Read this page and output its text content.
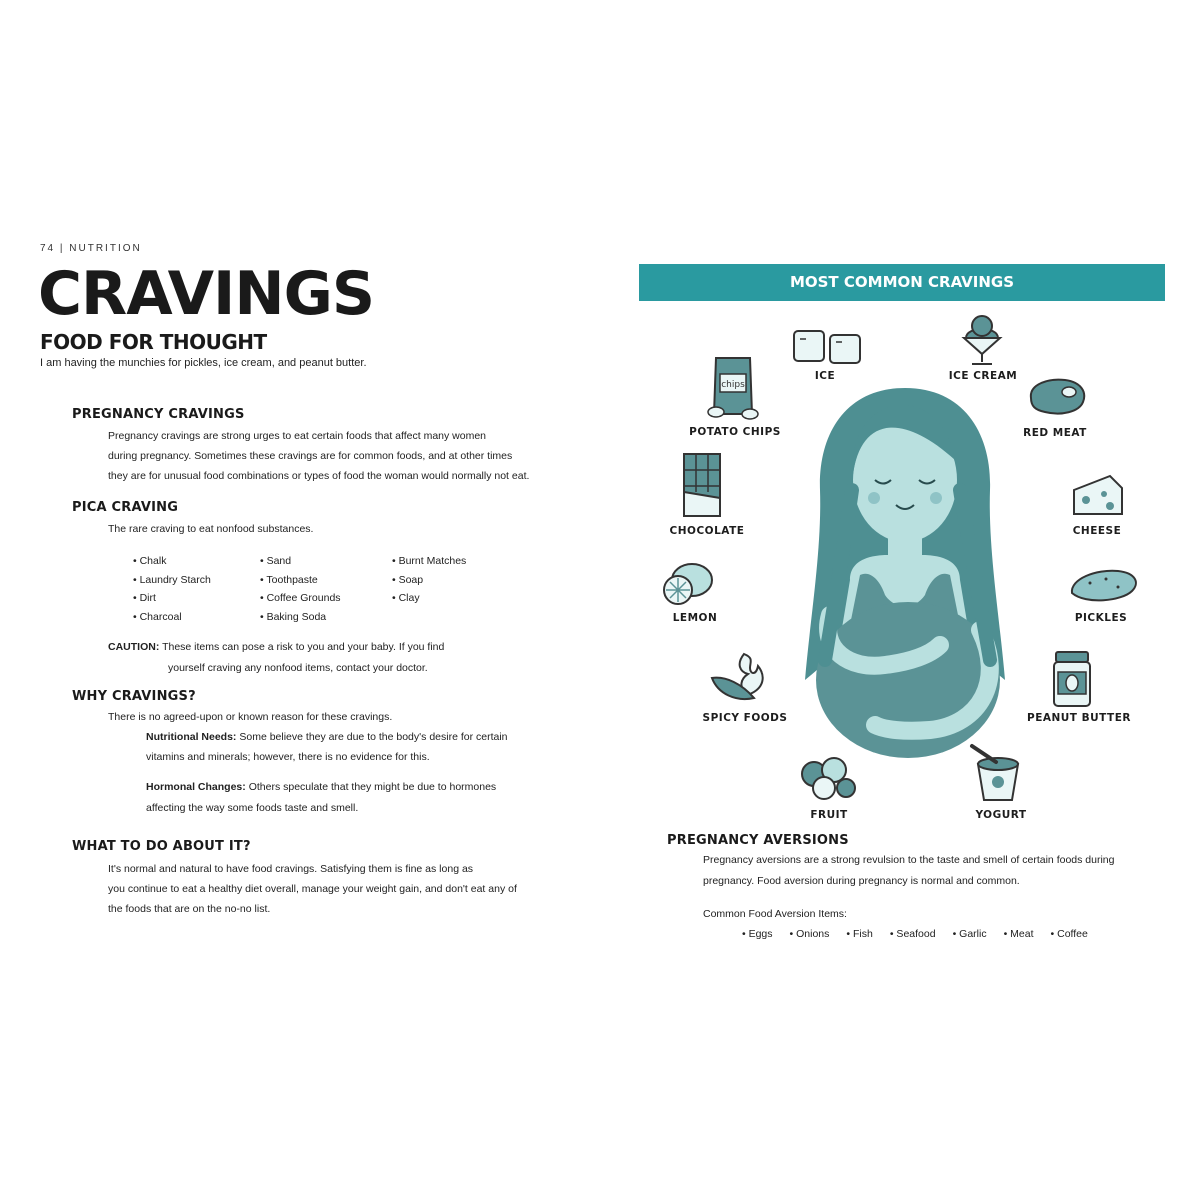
74 | NUTRITION
CRAVINGS
FOOD FOR THOUGHT
I am having the munchies for pickles, ice cream, and peanut butter.
PREGNANCY CRAVINGS
Pregnancy cravings are strong urges to eat certain foods that affect many women
during pregnancy. Sometimes these cravings are for common foods, and at other times
they are for unusual food combinations or types of food the woman would normally not eat.
PICA CRAVING
The rare craving to eat nonfood substances.
• Chalk
• Laundry Starch
• Dirt
• Charcoal
• Sand
• Toothpaste
• Coffee Grounds
• Baking Soda
• Burnt Matches
• Soap
• Clay
CAUTION: These items can pose a risk to you and your baby. If you find
yourself craving any nonfood items, contact your doctor.
WHY CRAVINGS?
There is no agreed-upon or known reason for these cravings.
Nutritional Needs: Some believe they are due to the body's desire for certain
vitamins and minerals; however, there is no evidence for this.
Hormonal Changes: Others speculate that they might be due to hormones
affecting the way some foods taste and smell.
WHAT TO DO ABOUT IT?
It's normal and natural to have food cravings. Satisfying them is fine as long as
you continue to eat a healthy diet overall, manage your weight gain, and don't eat any of
the foods that are on the no-no list.
MOST COMMON CRAVINGS
ICE	ICE CREAM
chips
POTATO CHIPS	RED MEAT
CHOCOLATE	CHEESE
LEMON	PICKLES
SPICY FOODS	PEANUT BUTTER
FRUIT	YOGURT
PREGNANCY AVERSIONS
Pregnancy aversions are a strong revulsion to the taste and smell of certain foods during
pregnancy. Food aversion during pregnancy is normal and common.
Common Food Aversion Items:
• Eggs • Onions • Fish • Seafood • Garlic • Meat • Coffee
